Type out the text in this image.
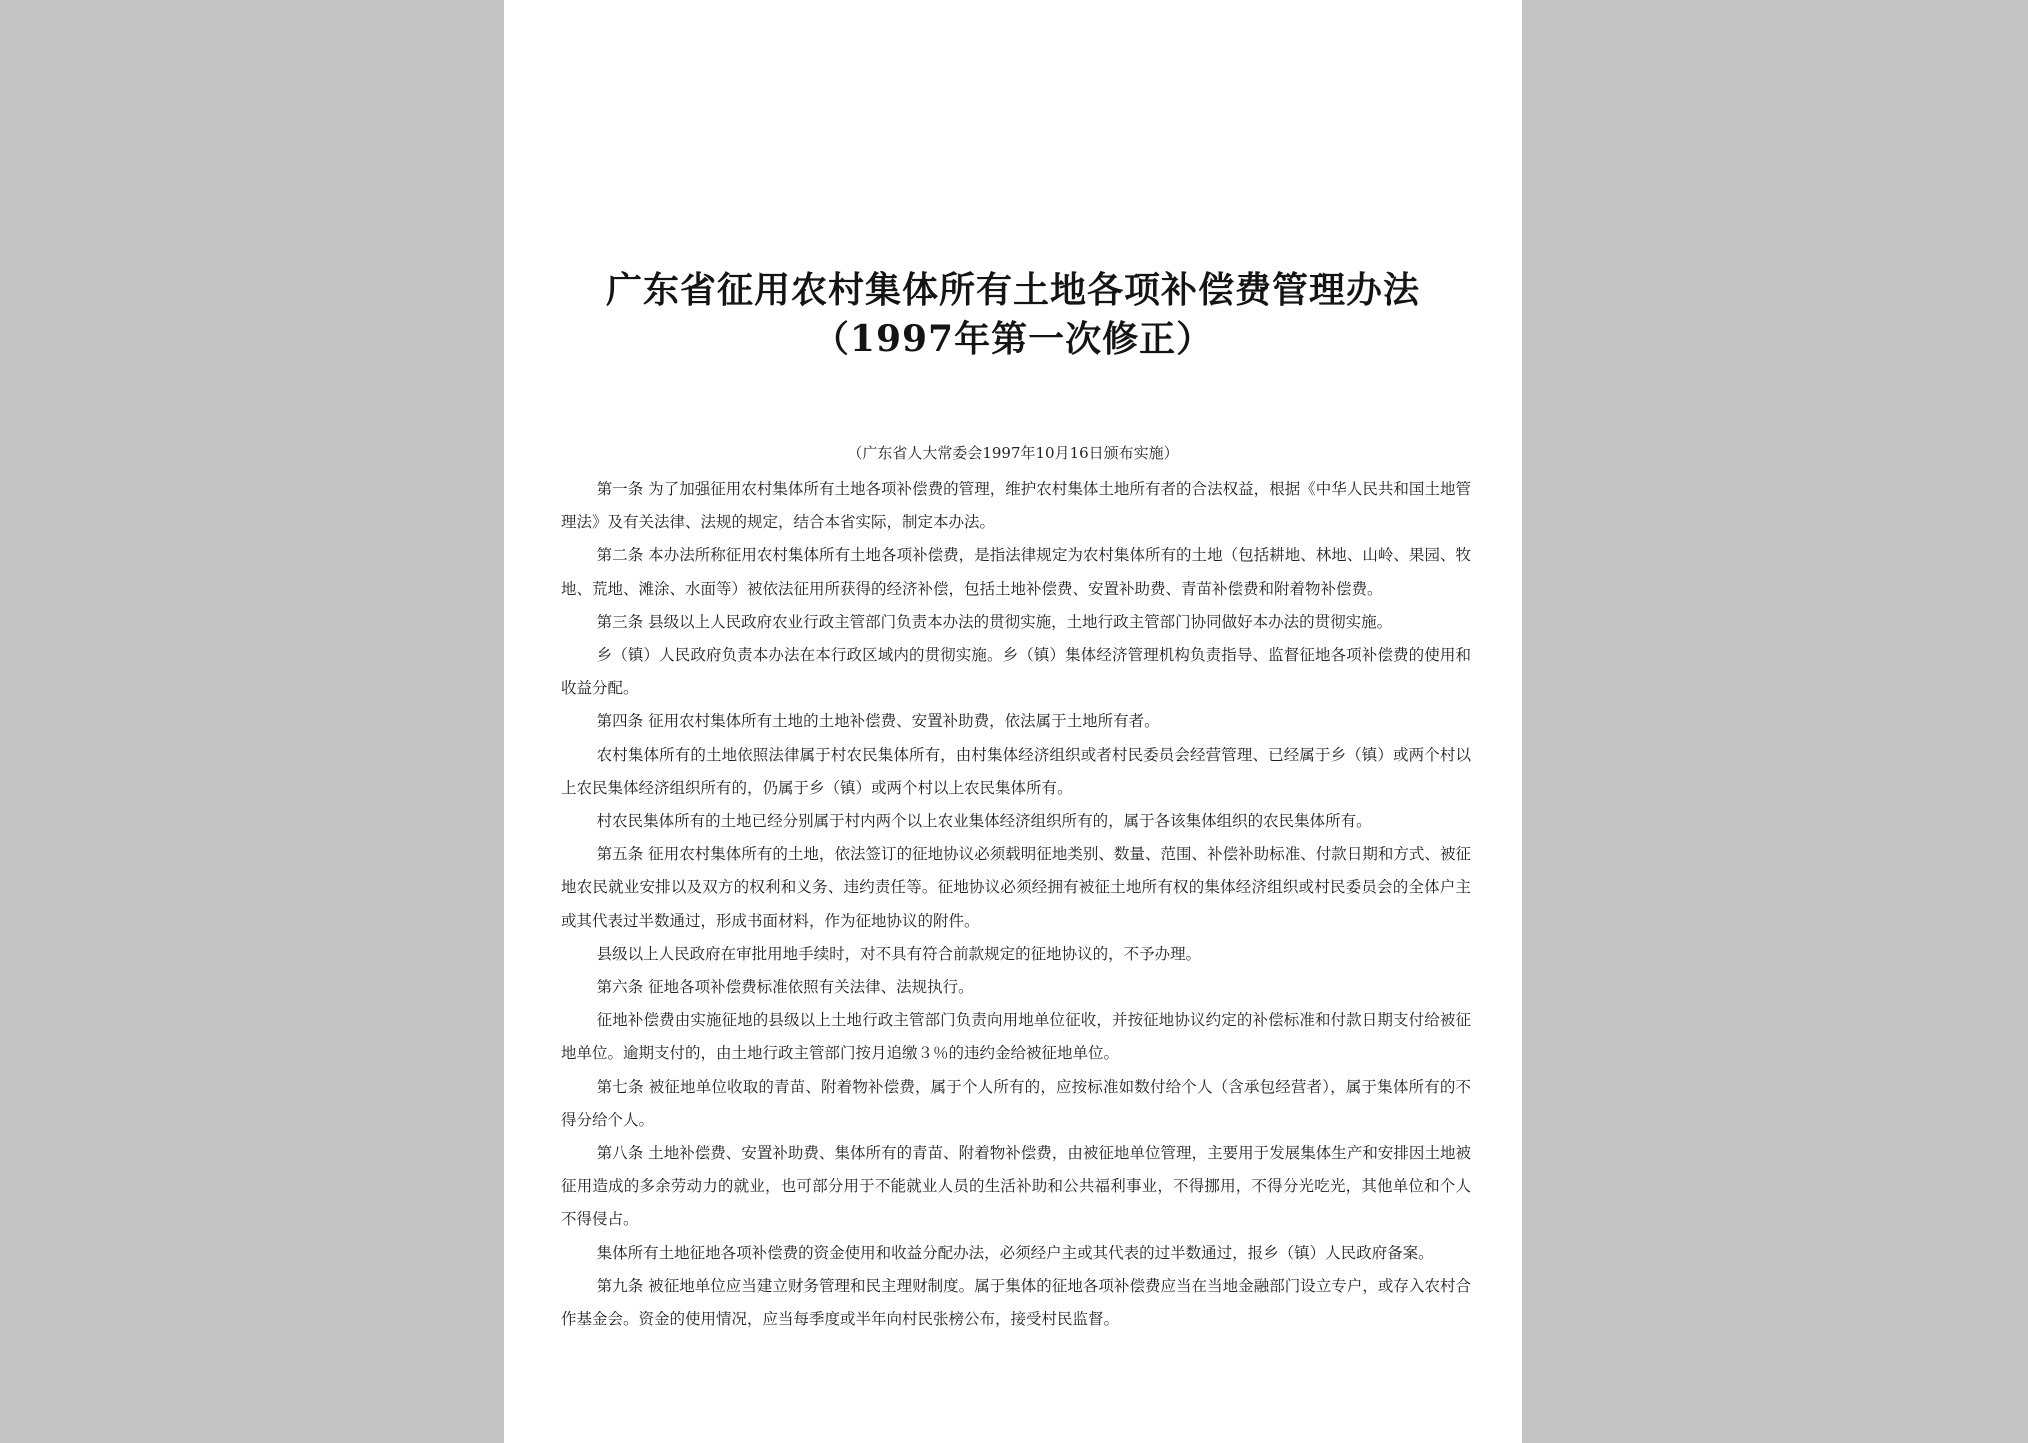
广东省征用农村集体所有土地各项补偿费管理办法
（1997年第一次修正）
（广东省人大常委会1997年10月16日颁布实施）

第一条 为了加强征用农村集体所有土地各项补偿费的管理，维护农村集体土地所有者的合法权益，根据《中华人民共和国土地管理法》及有关法律、法规的规定，结合本省实际，制定本办法。

第二条 本办法所称征用农村集体所有土地各项补偿费，是指法律规定为农村集体所有的土地（包括耕地、林地、山岭、果园、牧地、荒地、滩涂、水面等）被依法征用所获得的经济补偿，包括土地补偿费、安置补助费、青苗补偿费和附着物补偿费。

第三条 县级以上人民政府农业行政主管部门负责本办法的贯彻实施，土地行政主管部门协同做好本办法的贯彻实施。

乡（镇）人民政府负责本办法在本行政区域内的贯彻实施。乡（镇）集体经济管理机构负责指导、监督征地各项补偿费的使用和收益分配。

第四条 征用农村集体所有土地的土地补偿费、安置补助费，依法属于土地所有者。

农村集体所有的土地依照法律属于村农民集体所有，由村集体经济组织或者村民委员会经营管理、已经属于乡（镇）或两个村以上农民集体经济组织所有的，仍属于乡（镇）或两个村以上农民集体所有。

村农民集体所有的土地已经分别属于村内两个以上农业集体经济组织所有的，属于各该集体组织的农民集体所有。

第五条 征用农村集体所有的土地，依法签订的征地协议必须载明征地类别、数量、范围、补偿补助标准、付款日期和方式、被征地农民就业安排以及双方的权利和义务、违约责任等。征地协议必须经拥有被征土地所有权的集体经济组织或村民委员会的全体户主或其代表过半数通过，形成书面材料，作为征地协议的附件。

县级以上人民政府在审批用地手续时，对不具有符合前款规定的征地协议的，不予办理。

第六条 征地各项补偿费标准依照有关法律、法规执行。

征地补偿费由实施征地的县级以上土地行政主管部门负责向用地单位征收，并按征地协议约定的补偿标准和付款日期支付给被征地单位。逾期支付的，由土地行政主管部门按月追缴３％的违约金给被征地单位。

第七条 被征地单位收取的青苗、附着物补偿费，属于个人所有的，应按标准如数付给个人（含承包经营者），属于集体所有的不得分给个人。

第八条 土地补偿费、安置补助费、集体所有的青苗、附着物补偿费，由被征地单位管理，主要用于发展集体生产和安排因土地被征用造成的多余劳动力的就业，也可部分用于不能就业人员的生活补助和公共福利事业，不得挪用，不得分光吃光，其他单位和个人不得侵占。

集体所有土地征地各项补偿费的资金使用和收益分配办法，必须经户主或其代表的过半数通过，报乡（镇）人民政府备案。

第九条 被征地单位应当建立财务管理和民主理财制度。属于集体的征地各项补偿费应当在当地金融部门设立专户，或存入农村合作基金会。资金的使用情况，应当每季度或半年向村民张榜公布，接受村民监督。
